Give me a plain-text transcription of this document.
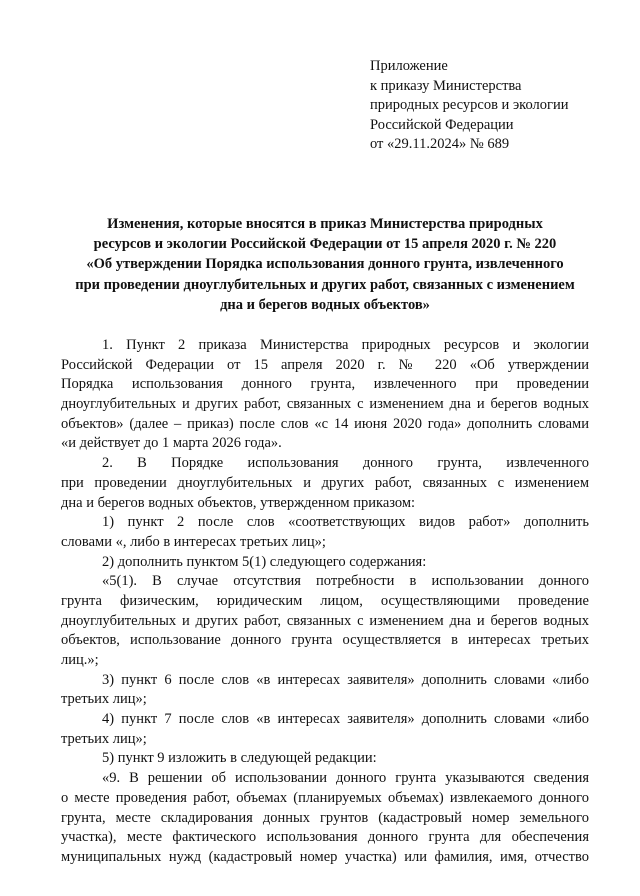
Приложение
к приказу Министерства
природных ресурсов и экологии
Российской Федерации
от «29.11.2024» № 689
Изменения, которые вносятся в приказ Министерства природных
ресурсов и экологии Российской Федерации от 15 апреля 2020 г. № 220
«Об утверждении Порядка использования донного грунта, извлеченного
при проведении дноуглубительных и других работ, связанных с изменением
дна и берегов водных объектов»
1. Пункт 2 приказа Министерства природных ресурсов и экологии
Российской Федерации от 15 апреля 2020 г. № 220 «Об утверждении
Порядка использования донного грунта, извлеченного при проведении
дноуглубительных и других работ, связанных с изменением дна и берегов водных
объектов» (далее – приказ) после слов «с 14 июня 2020 года» дополнить словами
«и действует до 1 марта 2026 года».
2. В Порядке использования донного грунта, извлеченного
при проведении дноуглубительных и других работ, связанных с изменением
дна и берегов водных объектов, утвержденном приказом:
1) пункт 2 после слов «соответствующих видов работ» дополнить
словами «, либо в интересах третьих лиц»;
2) дополнить пунктом 5(1) следующего содержания:
«5(1). В случае отсутствия потребности в использовании донного
грунта физическим, юридическим лицом, осуществляющими проведение
дноуглубительных и других работ, связанных с изменением дна и берегов водных
объектов, использование донного грунта осуществляется в интересах третьих
лиц.»;
3) пункт 6 после слов «в интересах заявителя» дополнить словами «либо
третьих лиц»;
4) пункт 7 после слов «в интересах заявителя» дополнить словами «либо
третьих лиц»;
5) пункт 9 изложить в следующей редакции:
«9. В решении об использовании донного грунта указываются сведения
о месте проведения работ, объемах (планируемых объемах) извлекаемого донного
грунта, месте складирования донных грунтов (кадастровый номер земельного
участка), месте фактического использования донного грунта для обеспечения
муниципальных нужд (кадастровый номер участка) или фамилия, имя, отчество
